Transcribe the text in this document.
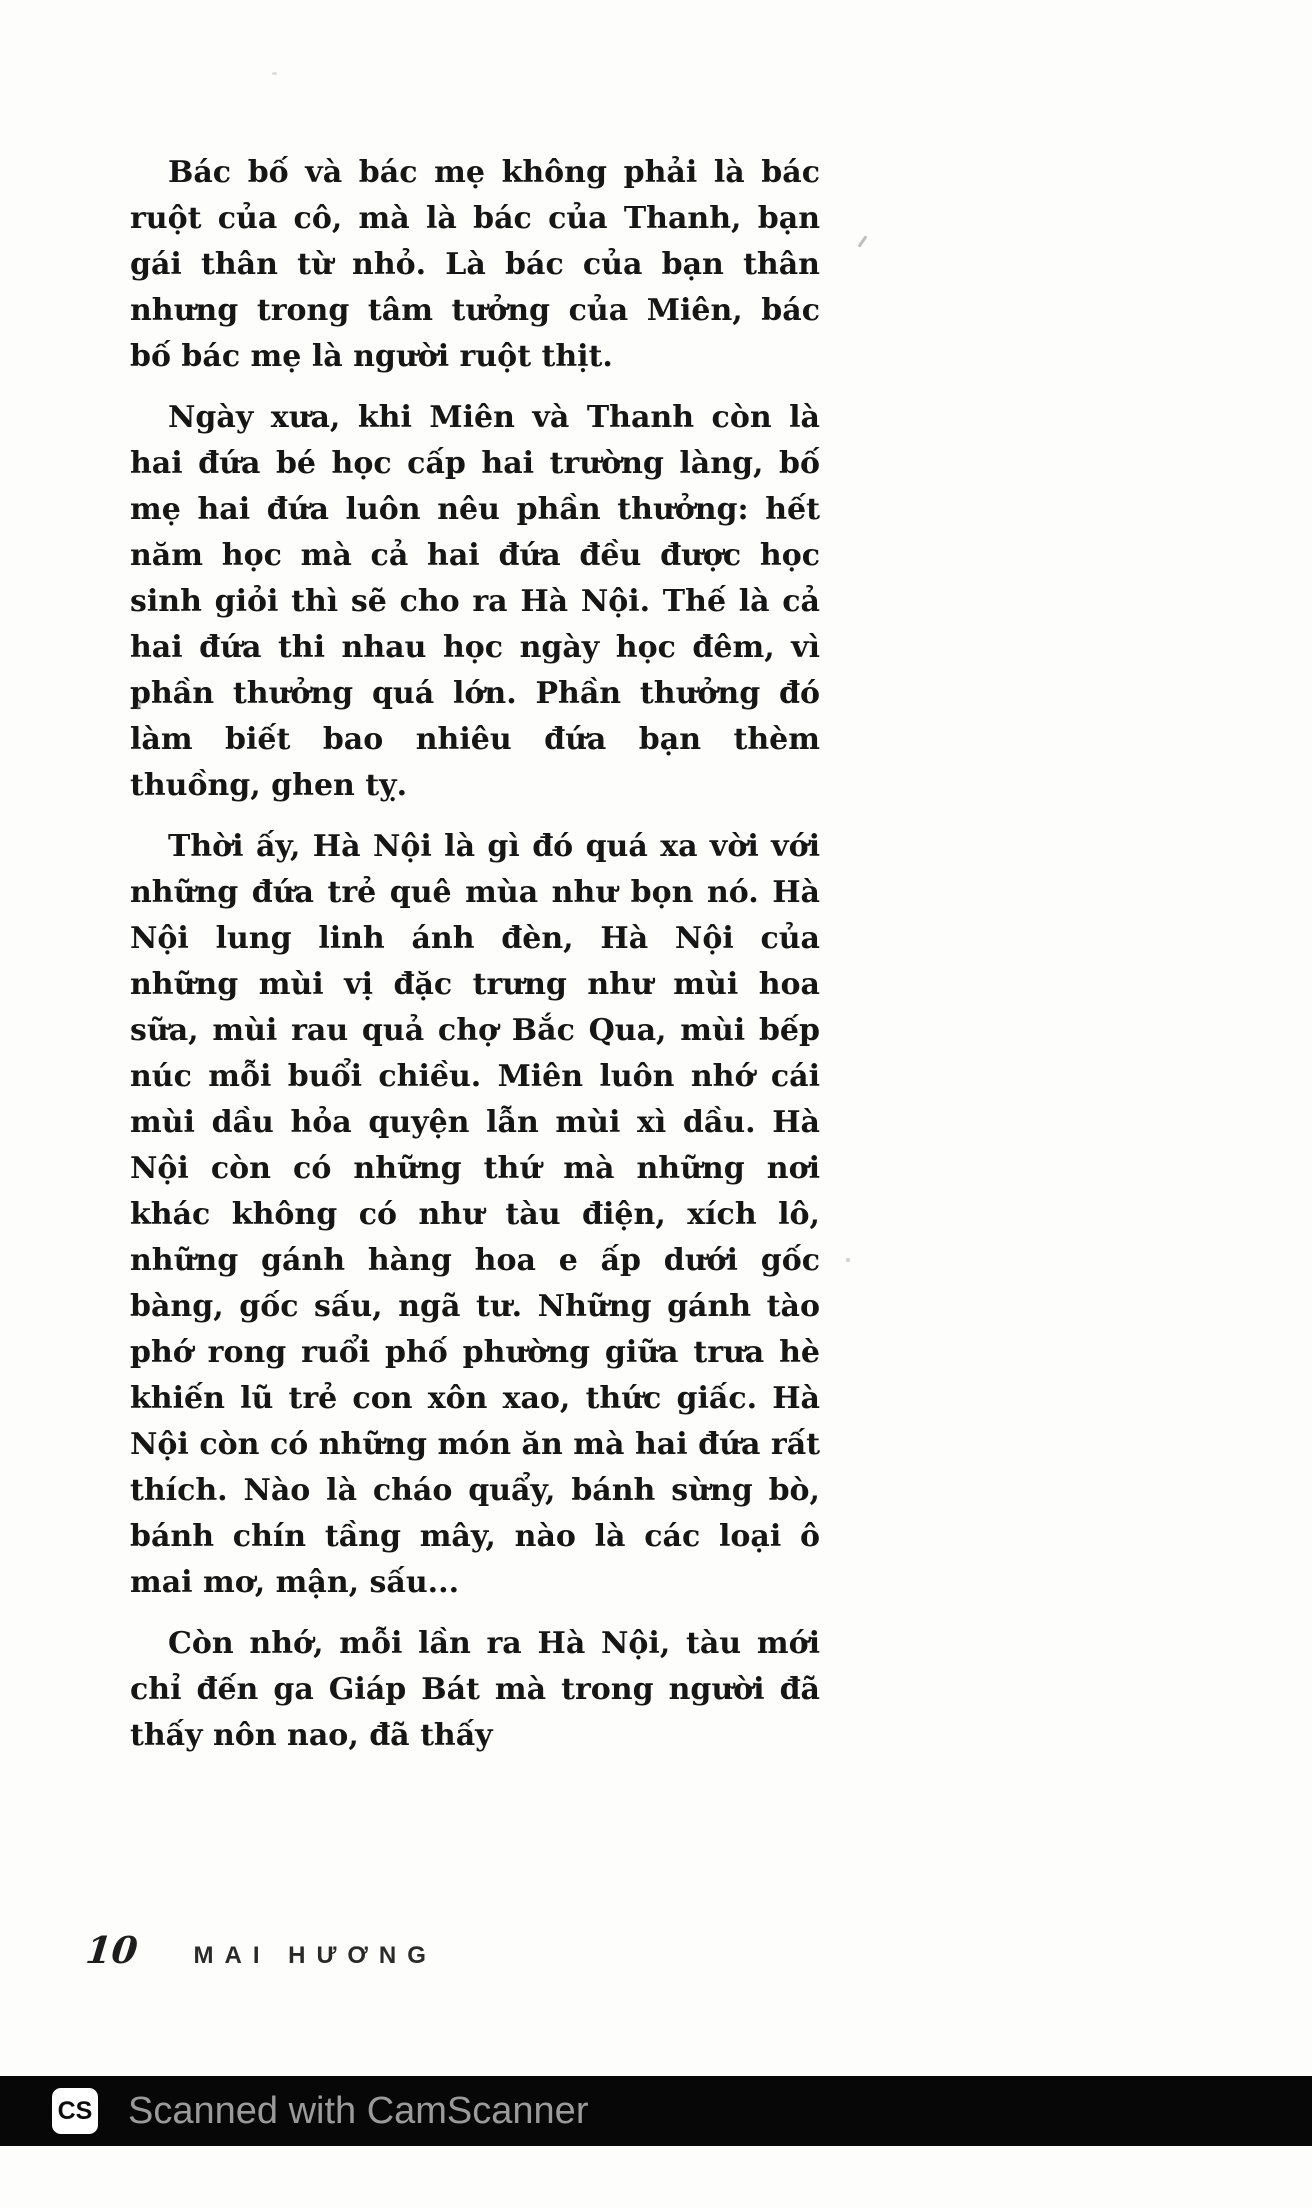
Bác bố và bác mẹ không phải là bác ruột của cô, mà là bác của Thanh, bạn gái thân từ nhỏ. Là bác của bạn thân nhưng trong tâm tưởng của Miên, bác bố bác mẹ là người ruột thịt.

Ngày xưa, khi Miên và Thanh còn là hai đứa bé học cấp hai trường làng, bố mẹ hai đứa luôn nêu phần thưởng: hết năm học mà cả hai đứa đều được học sinh giỏi thì sẽ cho ra Hà Nội. Thế là cả hai đứa thi nhau học ngày học đêm, vì phần thưởng quá lớn. Phần thưởng đó làm biết bao nhiêu đứa bạn thèm thuồng, ghen tỵ.

Thời ấy, Hà Nội là gì đó quá xa vời với những đứa trẻ quê mùa như bọn nó. Hà Nội lung linh ánh đèn, Hà Nội của những mùi vị đặc trưng như mùi hoa sữa, mùi rau quả chợ Bắc Qua, mùi bếp núc mỗi buổi chiều. Miên luôn nhớ cái mùi dầu hỏa quyện lẫn mùi xì dầu. Hà Nội còn có những thứ mà những nơi khác không có như tàu điện, xích lô, những gánh hàng hoa e ấp dưới gốc bàng, gốc sấu, ngã tư. Những gánh tào phớ rong ruổi phố phường giữa trưa hè khiến lũ trẻ con xôn xao, thức giấc. Hà Nội còn có những món ăn mà hai đứa rất thích. Nào là cháo quẩy, bánh sừng bò, bánh chín tầng mây, nào là các loại ô mai mơ, mận, sấu...

Còn nhớ, mỗi lần ra Hà Nội, tàu mới chỉ đến ga Giáp Bát mà trong người đã thấy nôn nao, đã thấy

10 MAI HƯƠNG
CS Scanned with CamScanner
